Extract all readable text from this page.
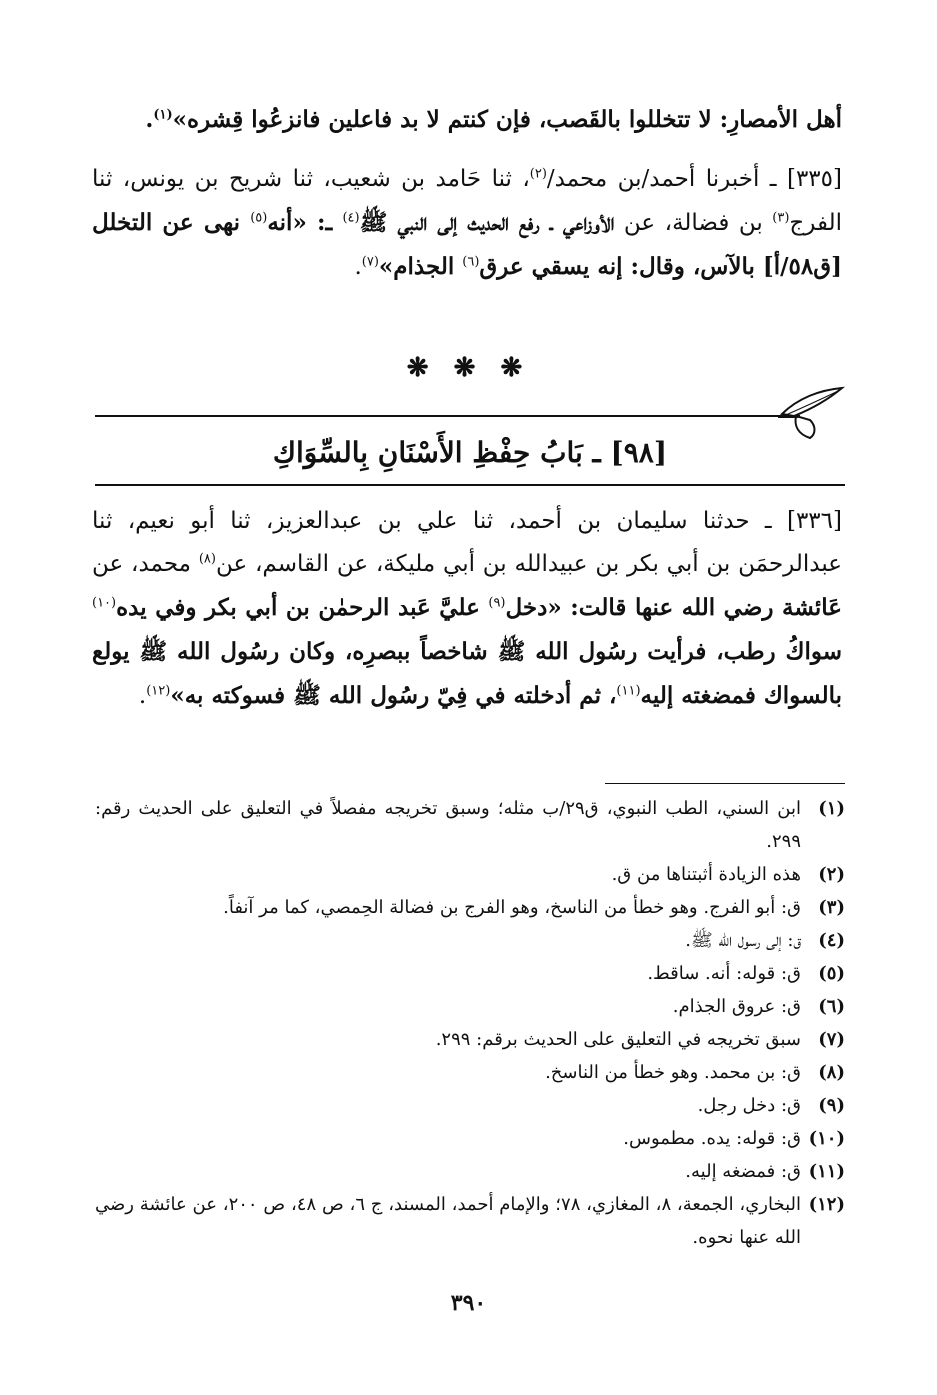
أهل الأمصارِ: لا تتخللوا بالقَصب، فإن كنتم لا بد فاعلين فانزعُوا قِشره»$^{(١)}$.

[٣٣٥] ـ أخبرنا أحمد/بن محمد/$^{(٢)}$، ثنا حَامد بن شعيب، ثنا شريح بن يونس، ثنا الفرج$^{(٣)}$ بن فضالة، عن الأوزاعي ـ رفع الحديث إلى النبي ﷺ$^{(٤)}$ ـ: «أنه$^{(٥)}$ نهى عن التخلل [ق٥٨/أ] بالآس، وقال: إنه يسقي عرق$^{(٦)}$ الجذام»$^{(٧)}$.

❋ ❋ ❋
[٩٨] ـ بَابُ حِفْظِ الأَسْنَانِ بِالسِّوَاكِ

[٣٣٦] ـ حدثنا سليمان بن أحمد، ثنا علي بن عبدالعزيز، ثنا أبو نعيم، ثنا عبدالرحمَن بن أبي بكر بن عبيدالله بن أبي مليكة، عن القاسم، عن$^{(٨)}$ محمد، عن عَائشة رضي الله عنها قالت: «دخل$^{(٩)}$ عليَّ عَبد الرحمٰن بن أبي بكر وفي يده$^{(١٠)}$ سواكُ رطب، فرأيت رسُول الله ﷺ شاخصاً ببصرِه، وكان رسُول الله ﷺ يولع بالسواك فمضغته إليه$^{(١١)}$، ثم أدخلته في فِيّ رسُول الله ﷺ فسوكته به»$^{(١٢)}$.

(١)
ابن السني، الطب النبوي، ق٢٩/ب مثله؛ وسبق تخريجه مفصلاً في التعليق على الحديث رقم: ٢٩٩.
(٢)
هذه الزيادة أثبتناها من ق.
(٣)
ق: أبو الفرج. وهو خطأ من الناسخ، وهو الفرج بن فضالة الحِمصي، كما مر آنفاً.
(٤)
ق: إلى رسول الله ﷺ.
(٥)
ق: قوله: أنه. ساقط.
(٦)
ق: عروق الجذام.
(٧)
سبق تخريجه في التعليق على الحديث برقم: ٢٩٩.
(٨)
ق: بن محمد. وهو خطأ من الناسخ.
(٩)
ق: دخل رجل.
(١٠)
ق: قوله: يده. مطموس.
(١١)
ق: فمضغه إليه.
(١٢)
البخاري، الجمعة، ٨، المغازي، ٧٨؛ والإمام أحمد، المسند، ج ٦، ص ٤٨، ص ٢٠٠، عن عائشة رضي الله عنها نحوه.
٣٩٠
